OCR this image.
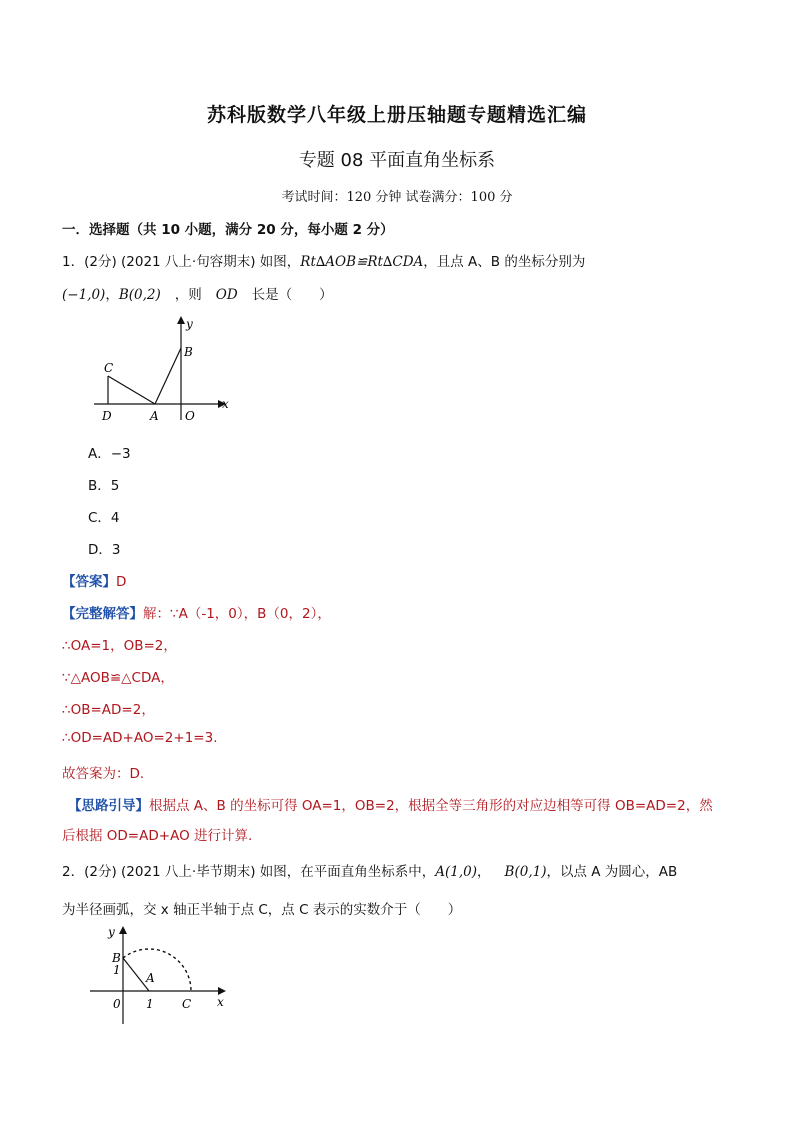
苏科版数学八年级上册压轴题专题精选汇编
专题 08 平面直角坐标系
考试时间：120 分钟 试卷满分：100 分
一．选择题（共 10 小题，满分 20 分，每小题 2 分）
1．(2分) (2021 八上·句容期末) 如图，Rt∆AOB≌Rt∆CDA，且点 A、B 的坐标分别为
(−1,0)，B(0,2) ，则 OD 长是（　　）
y
B
C
D	A O
x
A．−3
B．5
C．4
D．3
【答案】D
【完整解答】解：∵A（-1，0），B（0，2），
∴OA=1，OB=2，
∵△AOB≌△CDA，
∴OB=AD=2，
∴OD=AD+AO=2+1=3.
故答案为：D.
【思路引导】根据点 A、B 的坐标可得 OA=1，OB=2，根据全等三角形的对应边相等可得 OB=AD=2，然
后根据 OD=AD+AO 进行计算.
2．(2分) (2021 八上·毕节期末) 如图，在平面直角坐标系中，A(1,0)， B(0,1)，以点 A 为圆心，AB
为半径画弧，交 x 轴正半轴于点 C，点 C 表示的实数介于（　　）
y
B
1
A
0 1 C x
